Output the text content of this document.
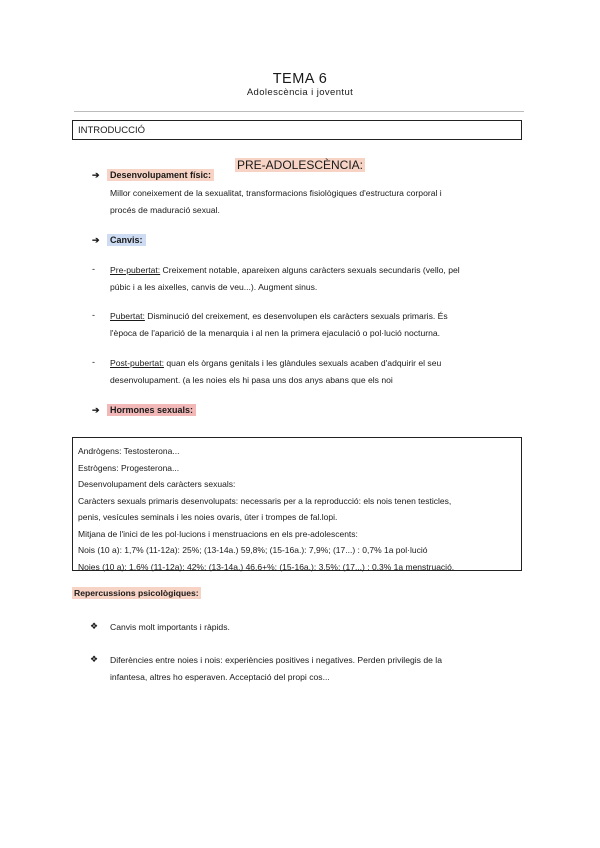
TEMA 6
Adolescència i joventut
INTRODUCCIÓ
PRE-ADOLESCÈNCIA:
➔	Desenvolupament físic:
Millor coneixement de la sexualitat, transformacions fisiològiques d'estructura corporal i
procés de maduració sexual.
➔	Canvis:
- Pre-pubertat: Creixement notable, apareixen alguns caràcters sexuals secundaris (vello, pel
púbic i a les aixelles, canvis de veu...). Augment sinus.
- Pubertat: Disminució del creixement, es desenvolupen els caràcters sexuals primaris. És
l'època de l'aparició de la menarquia i al nen la primera ejaculació o pol·lució nocturna.
- Post-pubertat: quan els òrgans genitals i les glàndules sexuals acaben d'adquirir el seu
desenvolupament. (a les noies els hi pasa uns dos anys abans que els noi
➔	Hormones sexuals:
Andrògens: Testosterona...
Estrògens: Progesterona...
Desenvolupament dels caràcters sexuals:
Caràcters sexuals primaris desenvolupats: necessaris per a la reproducció: els nois tenen testicles,
penis, vesícules seminals i les noies ovaris, úter i trompes de fal.lopi.
Mitjana de l'inici de les pol·lucions i menstruacions en els pre-adolescents:
Nois (10 a): 1,7% (11-12a): 25%; (13-14a.) 59,8%; (15-16a.): 7,9%; (17...) : 0,7% 1a pol·lució
Noies (10 a): 1,6% (11-12a): 42%; (13-14a.) 46,6+%; (15-16a.): 3,5%; (17...) : 0,3% 1a menstruació.
Repercussions psicològiques:
❖ Canvis molt importants i ràpids.
❖ Diferències entre noies i nois: experiències positives i negatives. Perden privilegis de la
infantesa, altres ho esperaven. Acceptació del propi cos...
